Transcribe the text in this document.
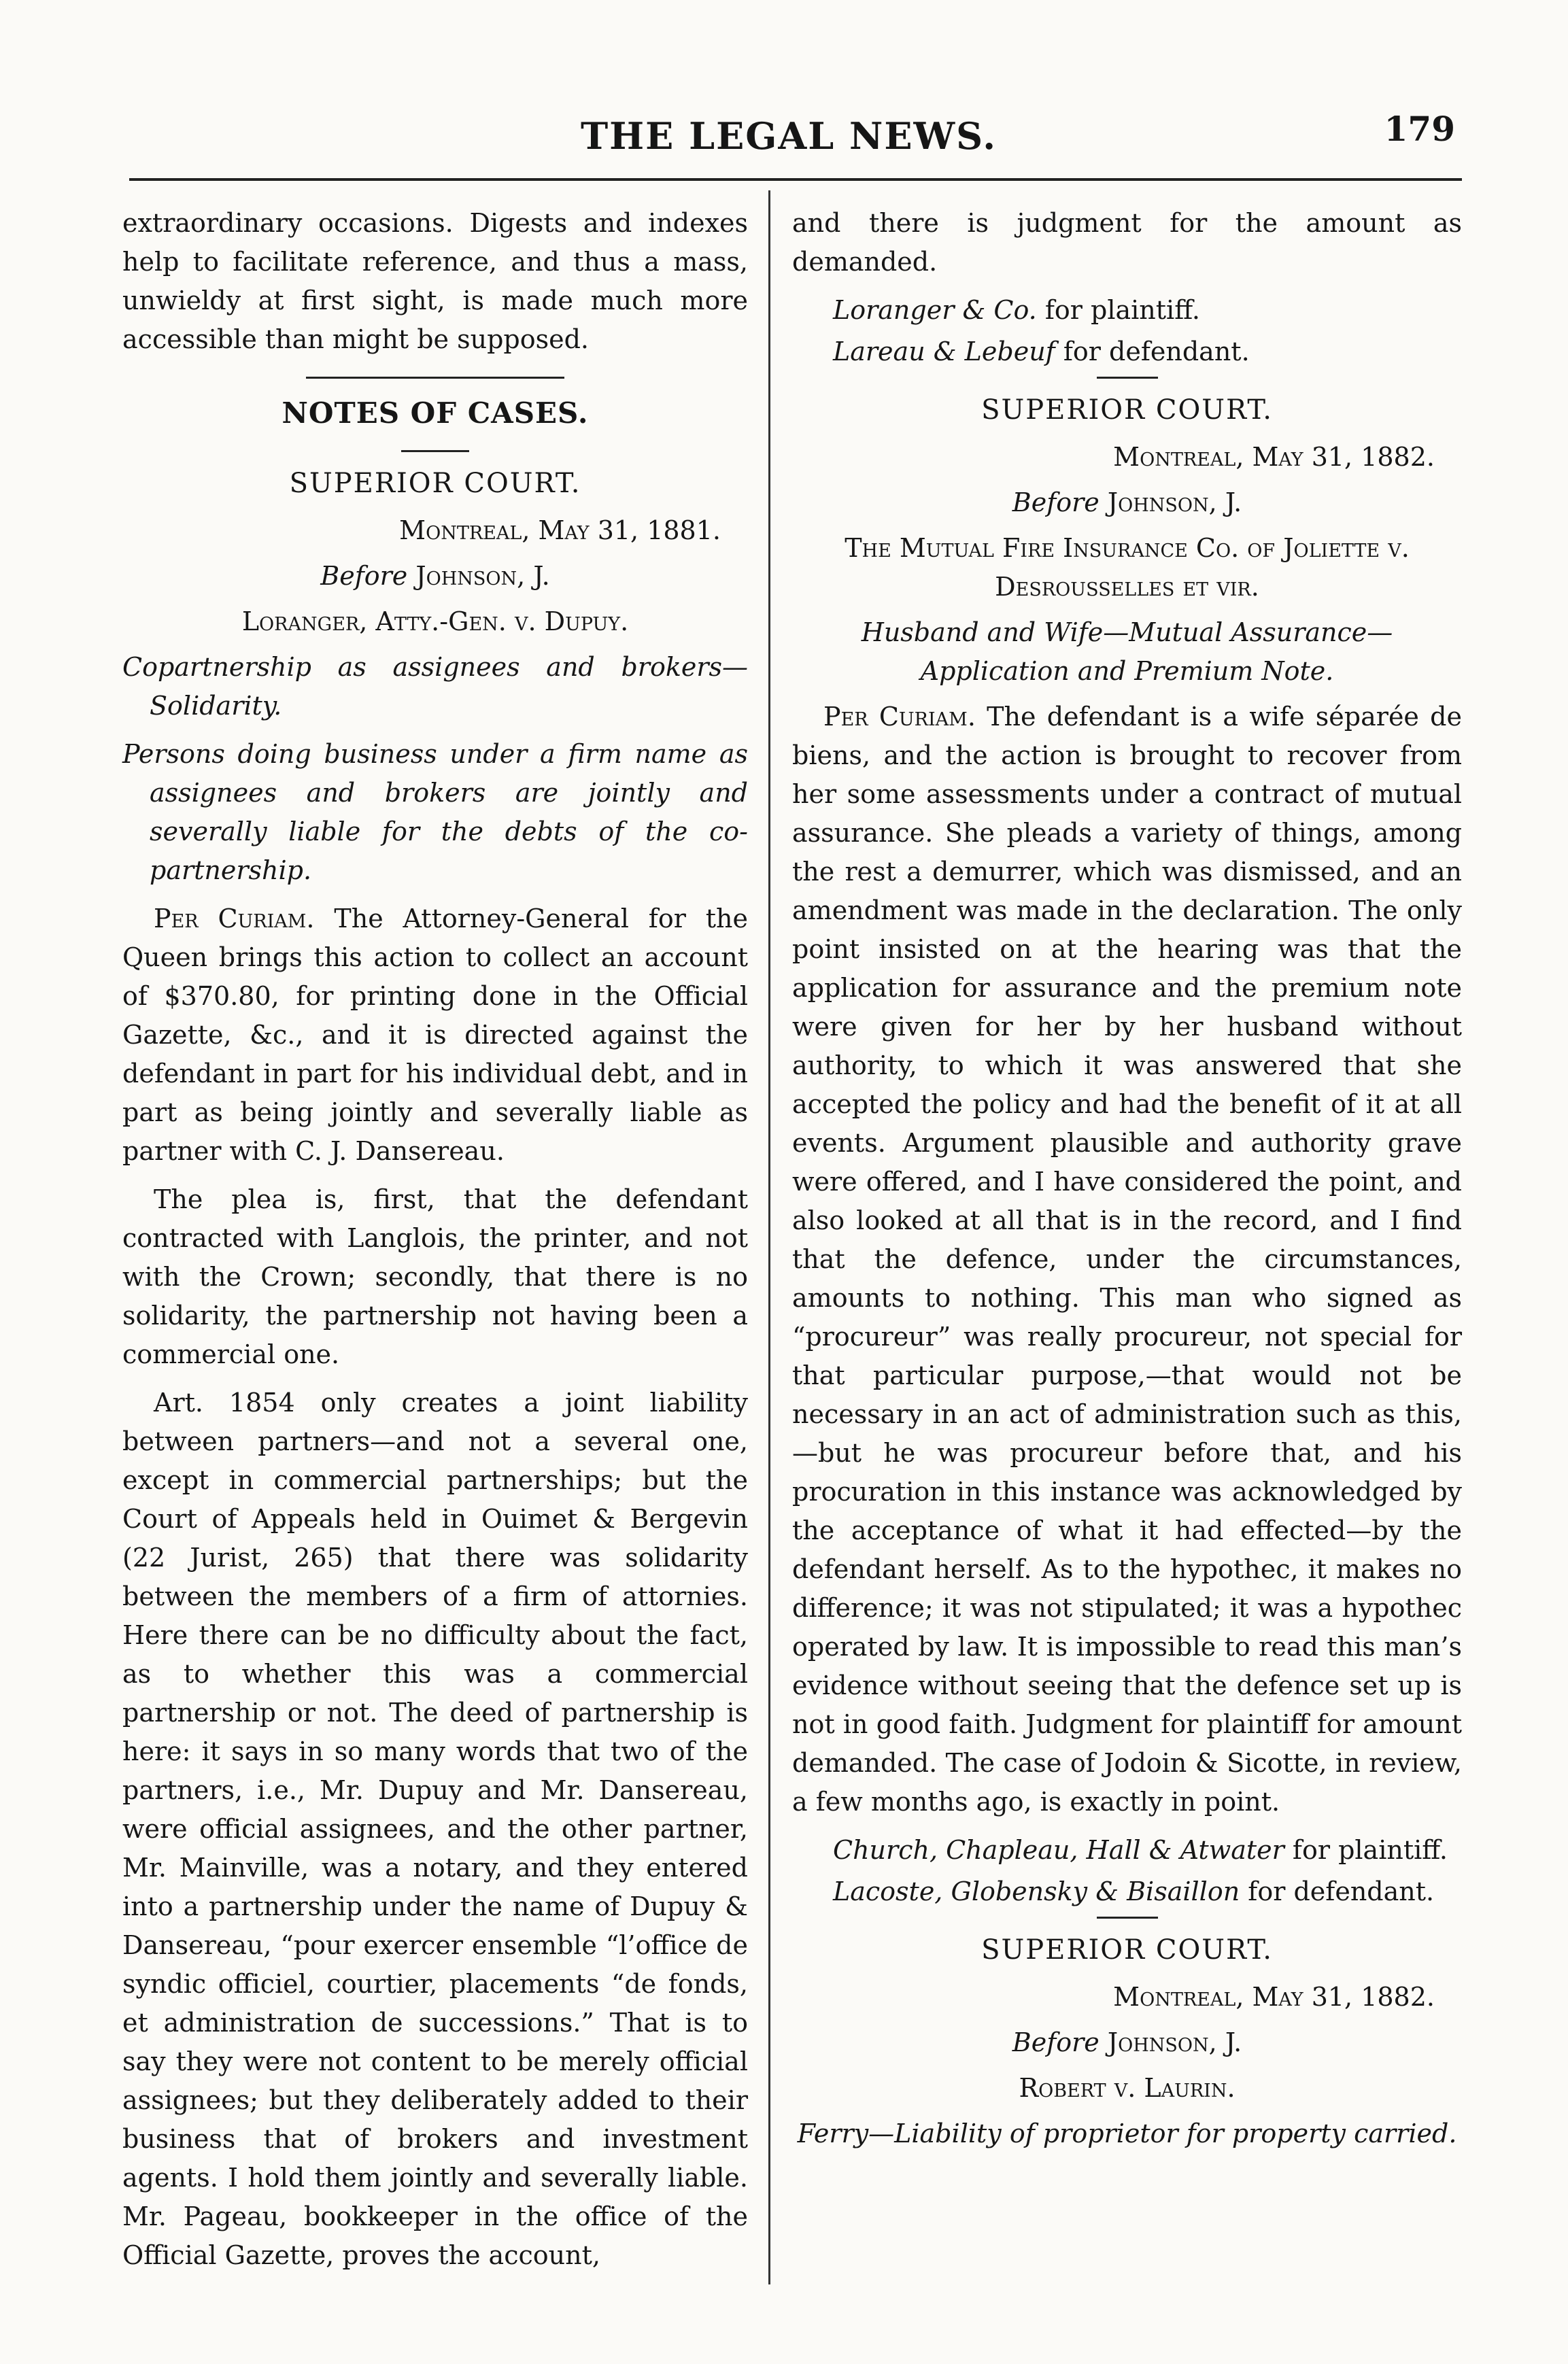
THE LEGAL NEWS.	179

extraordinary occasions. Digests and indexes help to facilitate reference, and thus a mass, unwieldy at first sight, is made much more accessible than might be supposed.

NOTES OF CASES.
SUPERIOR COURT.

Montreal, May 31, 1881.

Before Johnson, J.

Loranger, Atty.-Gen. v. Dupuy.

Copartnership as assignees and brokers—Solidarity.

Persons doing business under a firm name as assignees and brokers are jointly and severally liable for the debts of the co-partnership.

Per Curiam. The Attorney-General for the Queen brings this action to collect an account of $370.80, for printing done in the Official Gazette, &c., and it is directed against the defendant in part for his individual debt, and in part as being jointly and severally liable as partner with C. J. Dansereau.

The plea is, first, that the defendant contracted with Langlois, the printer, and not with the Crown; secondly, that there is no solidarity, the partnership not having been a commercial one.

Art. 1854 only creates a joint liability between partners—and not a several one, except in commercial partnerships; but the Court of Appeals held in Ouimet & Bergevin (22 Jurist, 265) that there was solidarity between the members of a firm of attornies. Here there can be no difficulty about the fact, as to whether this was a commercial partnership or not. The deed of partnership is here: it says in so many words that two of the partners, i.e., Mr. Dupuy and Mr. Dansereau, were official assignees, and the other partner, Mr. Mainville, was a notary, and they entered into a partnership under the name of Dupuy & Dansereau, “pour exercer ensemble “l’office de syndic officiel, courtier, placements “de fonds, et administration de successions.” That is to say they were not content to be merely official assignees; but they deliberately added to their business that of brokers and investment agents. I hold them jointly and severally liable. Mr. Pageau, bookkeeper in the office of the Official Gazette, proves the account,

and there is judgment for the amount as demanded.

Loranger & Co. for plaintiff.

Lareau & Lebeuf for defendant.

SUPERIOR COURT.

Montreal, May 31, 1882.

Before Johnson, J.

The Mutual Fire Insurance Co. of Joliette v. Desrousselles et vir.

Husband and Wife—Mutual Assurance—Application and Premium Note.

Per Curiam. The defendant is a wife séparée de biens, and the action is brought to recover from her some assessments under a contract of mutual assurance. She pleads a variety of things, among the rest a demurrer, which was dismissed, and an amendment was made in the declaration. The only point insisted on at the hearing was that the application for assurance and the premium note were given for her by her husband without authority, to which it was answered that she accepted the policy and had the benefit of it at all events. Argument plausible and authority grave were offered, and I have considered the point, and also looked at all that is in the record, and I find that the defence, under the circumstances, amounts to nothing. This man who signed as “procureur” was really procureur, not special for that particular purpose,—that would not be necessary in an act of administration such as this,—but he was procureur before that, and his procuration in this instance was acknowledged by the acceptance of what it had effected—by the defendant herself. As to the hypothec, it makes no difference; it was not stipulated; it was a hypothec operated by law. It is impossible to read this man’s evidence without seeing that the defence set up is not in good faith. Judgment for plaintiff for amount demanded. The case of Jodoin & Sicotte, in review, a few months ago, is exactly in point.

Church, Chapleau, Hall & Atwater for plaintiff.

Lacoste, Globensky & Bisaillon for defendant.

SUPERIOR COURT.

Montreal, May 31, 1882.

Before Johnson, J.

Robert v. Laurin.

Ferry—Liability of proprietor for property carried.
